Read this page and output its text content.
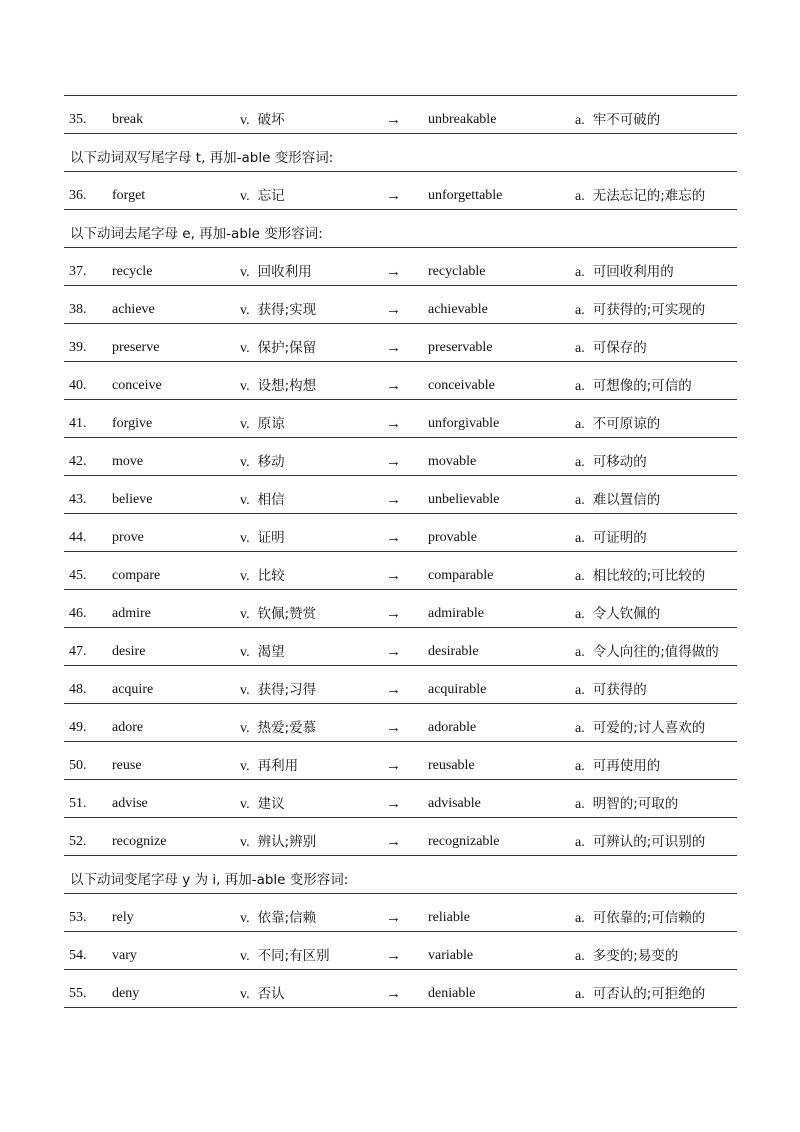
35. break	v. 破坏	→ unbreakable	a. 牢不可破的
以下动词双写尾字母 t, 再加-able 变形容词:
36. forget	v. 忘记	→ unforgettable	a. 无法忘记的;难忘的
以下动词去尾字母 e, 再加-able 变形容词:
37. recycle	v. 回收利用	→ recyclable	a. 可回收利用的
38. achieve	v. 获得;实现	→ achievable	a. 可获得的;可实现的
39. preserve	v. 保护;保留	→ preservable	a. 可保存的
40. conceive	v. 设想;构想	→ conceivable	a. 可想像的;可信的
41. forgive	v. 原谅	→ unforgivable	a. 不可原谅的
42. move	v. 移动	→ movable	a. 可移动的
43. believe	v. 相信	→ unbelievable	a. 难以置信的
44. prove	v. 证明	→ provable	a. 可证明的
45. compare	v. 比较	→ comparable	a. 相比较的;可比较的
46. admire	v. 钦佩;赞赏	→ admirable	a. 令人钦佩的
47. desire	v. 渴望	→ desirable	a. 令人向往的;值得做的
48. acquire	v. 获得;习得	→ acquirable	a. 可获得的
49. adore	v. 热爱;爱慕	→ adorable	a. 可爱的;讨人喜欢的
50. reuse	v. 再利用	→ reusable	a. 可再使用的
51. advise	v. 建议	→ advisable	a. 明智的;可取的
52. recognize	v. 辨认;辨别	→ recognizable	a. 可辨认的;可识别的
以下动词变尾字母 y 为 i, 再加-able 变形容词:
53. rely	v. 依靠;信赖	→ reliable	a. 可依靠的;可信赖的
54. vary	v. 不同;有区别	→ variable	a. 多变的;易变的
55. deny	v. 否认	→ deniable	a. 可否认的;可拒绝的
